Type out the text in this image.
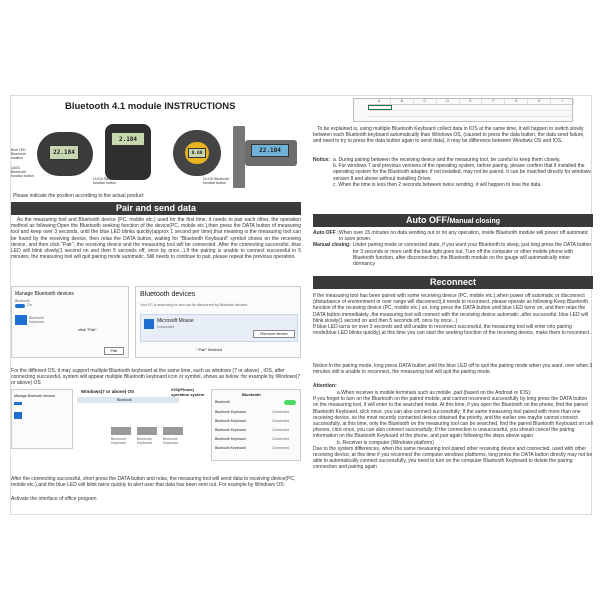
Bluetooth 4.1 module INSTRUCTIONS
Blue LED
Bluetooth
location
DATA
Bluetooth
function button
22.184
2.184
CLICK Bluetooth
function button
0.00
CLICK Bluetooth
function button
22.184
Please indicate the position according to the actual product
Pair and send data
As the measuring tool and Bluetooth device (PC, mobile etc.) used for the first time, it needs to pair each other, the operation method as following:Open the Bluetooth seeking function of the device(PC, mobile etc.),then press the DATA button of measuring tool and keep over 3 seconds, until the blue LED blinks quickly(approx 1 second per time),that meaning is the measuring tool can be found by the receiving device, then relax the DATA button, waiting for "Bluetooth Keyboard" symbol shows on the receiving device, and then click "Pair", the receiving device and the measuring tool will be connected .After the connecting successful, blue LED will blink slowly(1 second on and then 5 seconds off, once by once...).If the pairing is unable to connect successful in 5 minutes, the measuring tool will quit pairing mode automatic. Still needs to continue to pair, please repeat the previous operation.
Manage Bluetooth devices
Bluetooth
On
Bluetooth
Keyboard
click "Pair"
Pair
Bluetooth devices
Your PC is searching for and can be discovered by Bluetooth devices.
Microsoft Mouse
Connected
Remove device
" Pair" finished
For the different OS, it may support multiple Bluetooth keyboard at the same time, such as windows (7 or above) , iOS, after connecting successful, system will appear multiple Bluetooth keyboard icon or symbol, shows as below :for example by Windows(7 or above) OS
Manage Bluetooth devices
Windows(7 or above) OS
Bluetooth
Bluetooth
Keyboard
Bluetooth
Keyboard
Bluetooth
Keyboard
iOS(iPhone)
operation system	Bluetooth
Bluetooth
Bluetooth Keyboard	Connected
Bluetooth Keyboard	Connected
Bluetooth Keyboard	Connected
Bluetooth Keyboard	Connected
Bluetooth Keyboard	Connected
After the connecting successful, short press the DATA button and relax, the measuring tool will send data to receiving device(PC, mobile etc.),and the blue LED will blink twice quickly to alert user that data has been sent out. For example by Windows OS:
Activate the interface of office program
A	B	C	D	E	F	G	H	I
To be explained is, using multiple Bluetooth Keyboard collect data in IOS at the same time, it will happen to switch slowly between each Bluetooth keyboard automatically than Windows OS, (caused to press the data button, the data send failure, and need to try to press the data button again to send data), it may be difference between Windows OS and IOS.
Notice: a. During pairing between the receiving device and the measuring tool, be careful to keep them closely.
b. For windows 7 and previous versions of the operating system, before pairing, please confirm that if installed the operating system for the Bluetooth adapter, if not installed, may not be paired. It can be matched directly for windows version 8 and above without installing Driver.
c. When the time is less then 2 seconds between twice sending, it will happen to lose the data.
Auto OFF/Manual closing
Auto OFF : When over 15 minutes no data sending out or no any operation, inside Bluetooth module will power off automatic to save power.
Manual closing: Under pairing mode or connected state, if you want your Bluetooth to sleep, just long press the DATA button for 3 seconds or more until the blue light goes out. Turn off the computer or other mobile phone with Bluetooth function, after disconnection, the Bluetooth module on the gauge will automatically enter dormancy
Reconnect
If the measuring tool has been paired with some receiving device (PC, mobile etc.),when power off automatic or disconnect (disturbance of environment or over range will disconnect),it needs to reconnect, please operate as following:Keep Bluetooth function of the receiving device (PC, mobile etc.) on, long press the DATA button until blue LED turns on, and then relax the DATA button immediately ,the measuring tool will connect with the receiving device automatic ,after successful, blue LED will blink slowly(1 second on and then 5 seconds off, once by once...)
If blue LED turns on over 3 seconds and still unable to reconnect successful, the measuring tool will enter into pairing mode(blue LED blinks quickly),at this time you can start the seeking function of the receiving device, make them to reconnect .
Notice:In the pairing mode, long press DATA button until the blue LED off to quit the pairing mode when you want. over when 3 minutes still is unable to reconnect, the measuring tool will quit the pairing mode.
Attention:
a.When receiver is mobile terminals such as mobile ,pad (based on the Android or IOS):
If you forget to turn on the Bluetooth on the paired mobile, and cannot reconnect successfully by long press the DATA button on the measuring tool, it will enter to the searched mode. At this time, if you open the Bluetooth on the phone, find the paired Bluetooth Keyboard, click once, you can also connect successfully; If the same measuring tool paired with more than one receiving device, so the most recently connected device obtained the priority, and the earlier one maybe cannot connect successfully, at this time, only the Bluetooth on the measuring tool can be searched, find the paired Bluetooth Keyboard on cell phones, click once, you can also connect successfully; If the connection is unsuccessful, you should cancel the pairing information on the Bluetooth Keyboard of the phone, and pair again following the steps above again
b. Receiver is computer (Windows platform)
Due to the system differences, when the same measuring tool paired other receiving device and connected, used with other receiving device, at this time if you reconnect the computer windows platforms, long press the DATA button directly may not be able to automatically connect successfully, you need to turn on the computer Bluetooth Keyboard to delete the pairing connection and pairing again
